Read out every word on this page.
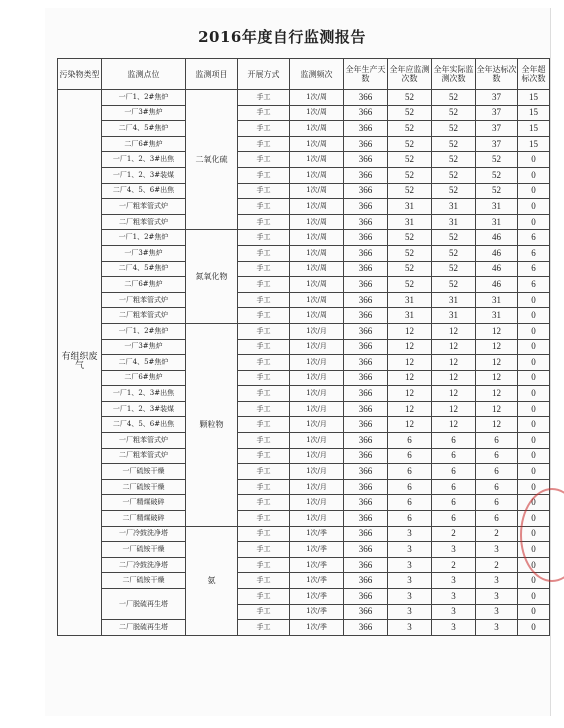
2016年度自行监测报告
污染物类型	监测点位	监测项目	开展方式	监测频次	全年生产天数	全年应监测次数	全年实际监测次数	全年达标次数	全年超标次数
有组织废气	一厂1、2#焦炉	二氧化硫	手工	1次/周	366	52	52	37	15
	一厂3#焦炉		手工	1次/周	366	52	52	37	15
	二厂4、5#焦炉		手工	1次/周	366	52	52	37	15
	二厂6#焦炉		手工	1次/周	366	52	52	37	15
	一厂1、2、3#出焦		手工	1次/周	366	52	52	52	0
	一厂1、2、3#装煤		手工	1次/周	366	52	52	52	0
	二厂4、5、6#出焦		手工	1次/周	366	52	52	52	0
	一厂粗苯管式炉		手工	1次/周	366	31	31	31	0
	二厂粗苯管式炉		手工	1次/周	366	31	31	31	0
	一厂1、2#焦炉	氮氧化物	手工	1次/周	366	52	52	46	6
	一厂3#焦炉		手工	1次/周	366	52	52	46	6
	二厂4、5#焦炉		手工	1次/周	366	52	52	46	6
	二厂6#焦炉		手工	1次/周	366	52	52	46	6
	一厂粗苯管式炉		手工	1次/周	366	31	31	31	0
	二厂粗苯管式炉		手工	1次/周	366	31	31	31	0
	一厂1、2#焦炉	颗粒物	手工	1次/月	366	12	12	12	0
	一厂3#焦炉		手工	1次/月	366	12	12	12	0
	二厂4、5#焦炉		手工	1次/月	366	12	12	12	0
	二厂6#焦炉		手工	1次/月	366	12	12	12	0
	一厂1、2、3#出焦		手工	1次/月	366	12	12	12	0
	一厂1、2、3#装煤		手工	1次/月	366	12	12	12	0
	二厂4、5、6#出焦		手工	1次/月	366	12	12	12	0
	一厂粗苯管式炉		手工	1次/月	366	6	6	6	0
	二厂粗苯管式炉		手工	1次/月	366	6	6	6	0
	一厂硫铵干燥		手工	1次/月	366	6	6	6	0
	二厂硫铵干燥		手工	1次/月	366	6	6	6	0
	一厂精煤破碎		手工	1次/月	366	6	6	6	0
	二厂精煤破碎		手工	1次/月	366	6	6	6	0
	一厂冷鼓洗净塔	氨	手工	1次/季	366	3	2	2	0
	一厂硫铵干燥		手工	1次/季	366	3	3	3	0
	二厂冷鼓洗净塔		手工	1次/季	366	3	2	2	0
	二厂硫铵干燥		手工	1次/季	366	3	3	3	0
	一厂脱硫再生塔		手工	1次/季	366	3	3	3	0
			手工	1次/季	366	3	3	3	0
	二厂脱硫再生塔		手工	1次/季	366	3	3	3	0
